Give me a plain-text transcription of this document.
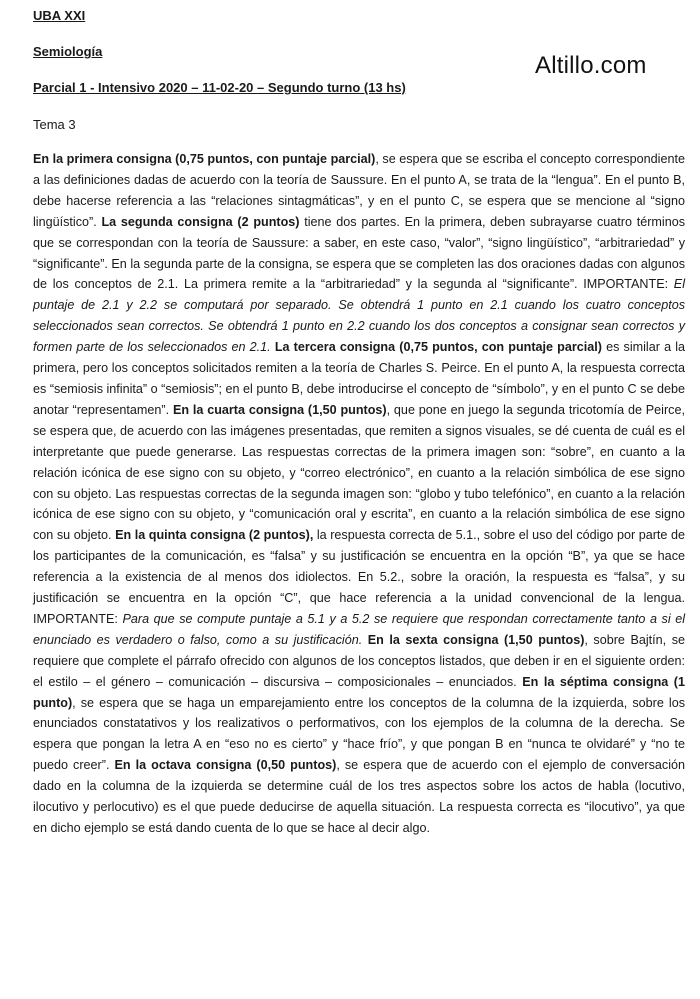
UBA XXI
Semiología
Parcial 1 - Intensivo 2020 – 11-02-20 – Segundo turno (13 hs)
Altillo.com
Tema 3
En la primera consigna (0,75 puntos, con puntaje parcial), se espera que se escriba el concepto correspondiente a las definiciones dadas de acuerdo con la teoría de Saussure. En el punto A, se trata de la “lengua”. En el punto B, debe hacerse referencia a las “relaciones sintagmáticas”, y en el punto C, se espera que se mencione al “signo lingüístico”. La segunda consigna (2 puntos) tiene dos partes. En la primera, deben subrayarse cuatro términos que se correspondan con la teoría de Saussure: a saber, en este caso, “valor”, “signo lingüístico”, “arbitrariedad” y “significante”. En la segunda parte de la consigna, se espera que se completen las dos oraciones dadas con algunos de los conceptos de 2.1. La primera remite a la “arbitrariedad” y la segunda al “significante”. IMPORTANTE: El puntaje de 2.1 y 2.2 se computará por separado. Se obtendrá 1 punto en 2.1 cuando los cuatro conceptos seleccionados sean correctos. Se obtendrá 1 punto en 2.2 cuando los dos conceptos a consignar sean correctos y formen parte de los seleccionados en 2.1. La tercera consigna (0,75 puntos, con puntaje parcial) es similar a la primera, pero los conceptos solicitados remiten a la teoría de Charles S. Peirce. En el punto A, la respuesta correcta es “semiosis infinita” o “semiosis”; en el punto B, debe introducirse el concepto de “símbolo”, y en el punto C se debe anotar “representamen”. En la cuarta consigna (1,50 puntos), que pone en juego la segunda tricotomía de Peirce, se espera que, de acuerdo con las imágenes presentadas, que remiten a signos visuales, se dé cuenta de cuál es el interpretante que puede generarse. Las respuestas correctas de la primera imagen son: “sobre”, en cuanto a la relación icónica de ese signo con su objeto, y “correo electrónico”, en cuanto a la relación simbólica de ese signo con su objeto. Las respuestas correctas de la segunda imagen son: “globo y tubo telefónico”, en cuanto a la relación icónica de ese signo con su objeto, y “comunicación oral y escrita”, en cuanto a la relación simbólica de ese signo con su objeto. En la quinta consigna (2 puntos), la respuesta correcta de 5.1., sobre el uso del código por parte de los participantes de la comunicación, es “falsa” y su justificación se encuentra en la opción “B”, ya que se hace referencia a la existencia de al menos dos idiolectos. En 5.2., sobre la oración, la respuesta es “falsa”, y su justificación se encuentra en la opción “C”, que hace referencia a la unidad convencional de la lengua. IMPORTANTE: Para que se compute puntaje a 5.1 y a 5.2 se requiere que respondan correctamente tanto a si el enunciado es verdadero o falso, como a su justificación. En la sexta consigna (1,50 puntos), sobre Bajtín, se requiere que complete el párrafo ofrecido con algunos de los conceptos listados, que deben ir en el siguiente orden: el estilo – el género – comunicación – discursiva – composicionales – enunciados. En la séptima consigna (1 punto), se espera que se haga un emparejamiento entre los conceptos de la columna de la izquierda, sobre los enunciados constatativos y los realizativos o performativos, con los ejemplos de la columna de la derecha. Se espera que pongan la letra A en “eso no es cierto” y “hace frío”, y que pongan B en “nunca te olvidaré” y “no te puedo creer”. En la octava consigna (0,50 puntos), se espera que de acuerdo con el ejemplo de conversación dado en la columna de la izquierda se determine cuál de los tres aspectos sobre los actos de habla (locutivo, ilocutivo y perlocutivo) es el que puede deducirse de aquella situación. La respuesta correcta es “ilocutivo”, ya que en dicho ejemplo se está dando cuenta de lo que se hace al decir algo.
